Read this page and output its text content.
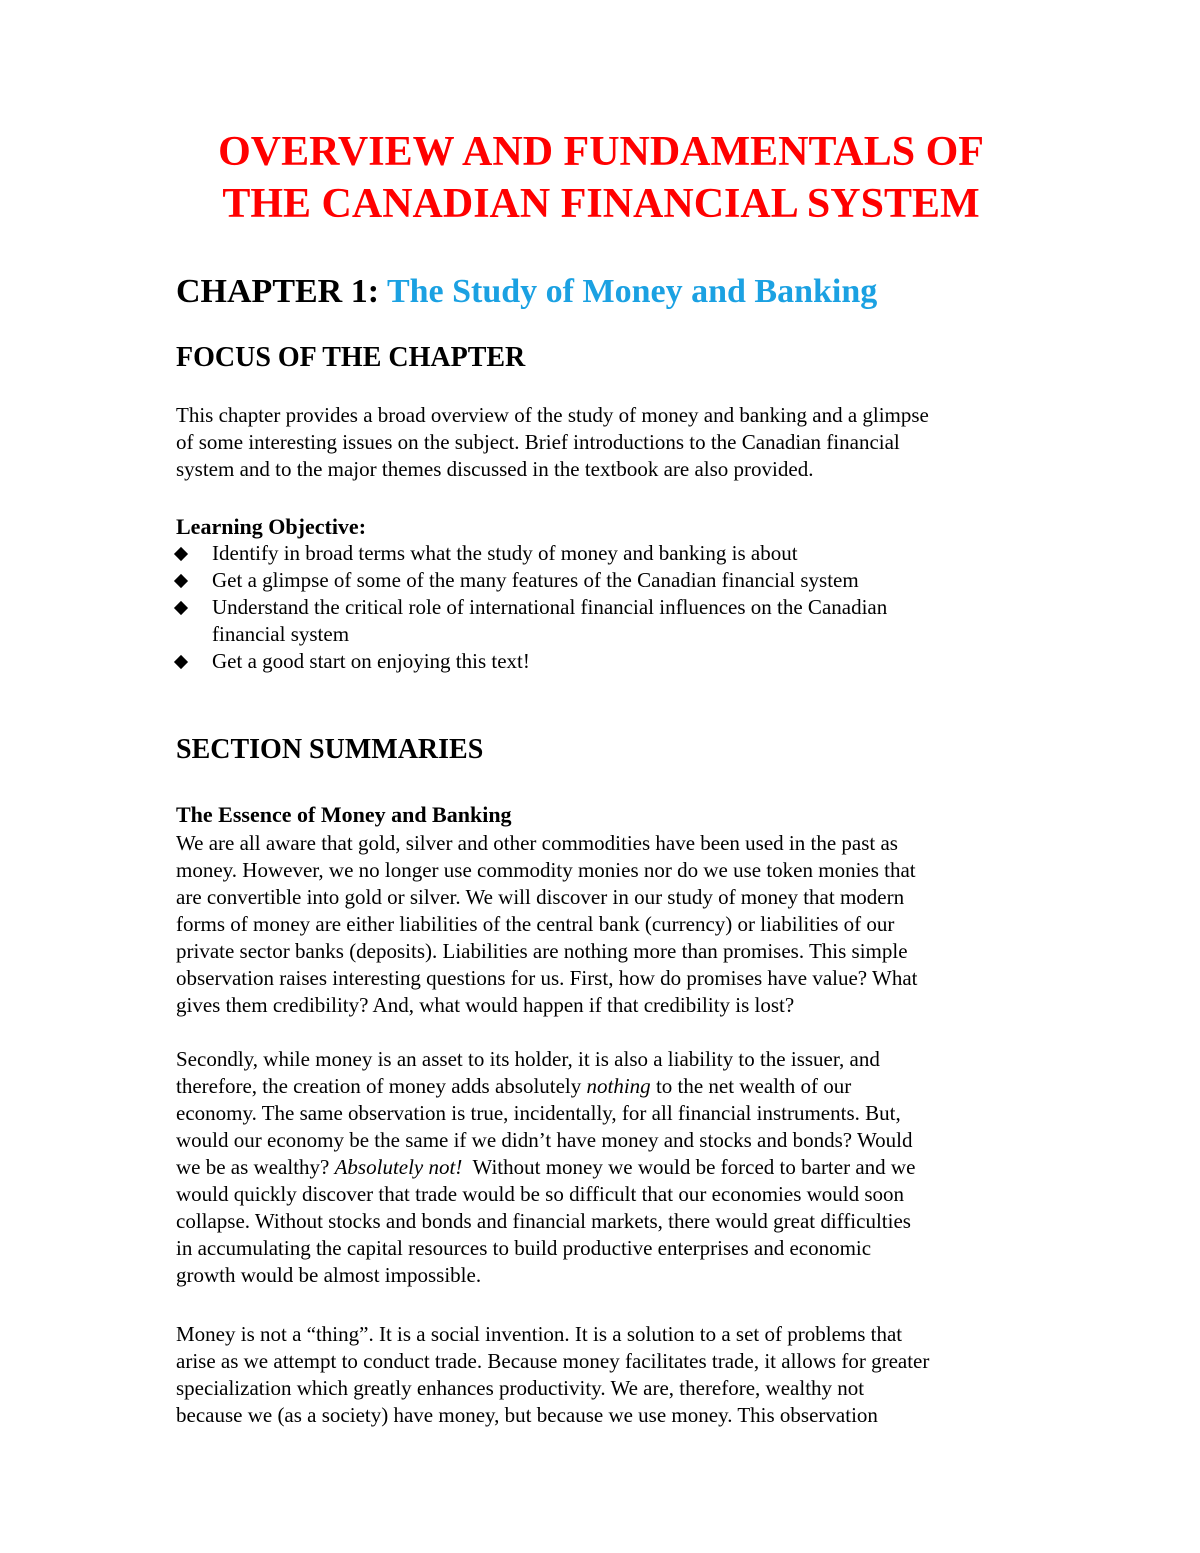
OVERVIEW AND FUNDAMENTALS OF
THE CANADIAN FINANCIAL SYSTEM
CHAPTER 1: The Study of Money and Banking
FOCUS OF THE CHAPTER

This chapter provides a broad overview of the study of money and banking and a glimpse
of some interesting issues on the subject. Brief introductions to the Canadian financial
system and to the major themes discussed in the textbook are also provided.

Learning Objective:
Identify in broad terms what the study of money and banking is about
Get a glimpse of some of the many features of the Canadian financial system
Understand the critical role of international financial influences on the Canadian
financial system
Get a good start on enjoying this text!
SECTION SUMMARIES
The Essence of Money and Banking

We are all aware that gold, silver and other commodities have been used in the past as
money. However, we no longer use commodity monies nor do we use token monies that
are convertible into gold or silver. We will discover in our study of money that modern
forms of money are either liabilities of the central bank (currency) or liabilities of our
private sector banks (deposits). Liabilities are nothing more than promises. This simple
observation raises interesting questions for us. First, how do promises have value? What
gives them credibility? And, what would happen if that credibility is lost?

Secondly, while money is an asset to its holder, it is also a liability to the issuer, and
therefore, the creation of money adds absolutely nothing to the net wealth of our
economy. The same observation is true, incidentally, for all financial instruments. But,
would our economy be the same if we didn’t have money and stocks and bonds? Would
we be as wealthy? Absolutely not!  Without money we would be forced to barter and we
would quickly discover that trade would be so difficult that our economies would soon
collapse. Without stocks and bonds and financial markets, there would great difficulties
in accumulating the capital resources to build productive enterprises and economic
growth would be almost impossible.

Money is not a “thing”. It is a social invention. It is a solution to a set of problems that
arise as we attempt to conduct trade. Because money facilitates trade, it allows for greater
specialization which greatly enhances productivity. We are, therefore, wealthy not
because we (as a society) have money, but because we use money. This observation
